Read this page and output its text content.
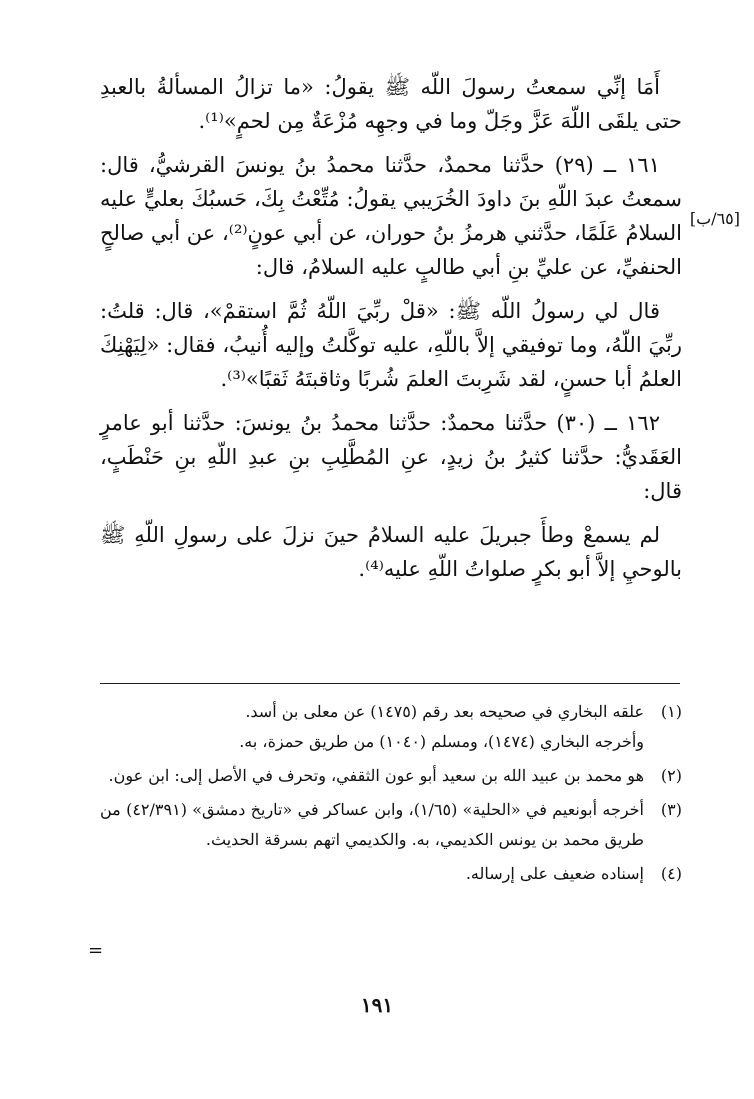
أَمَا إنِّي سمعتُ رسولَ اللّه ﷺ يقولُ: «ما تزالُ المسألةُ بالعبدِ حتى يلقَى اللّهَ عَزَّ وجَلّ وما في وجهِه مُزْعَةٌ مِن لحمٍ»⁽¹⁾.

١٦١ ــ (٢٩) حدَّثنا محمدٌ، حدَّثنا محمدُ بنُ يونسَ القرشيُّ، قال: سمعتُ عبدَ اللّهِ بنَ داودَ الخُرَيبي يقولُ: مُتِّعْتُ بِكَ، حَسبُكَ بعليٍّ عليه السلامُ عَلَمًا، حدَّثني هرمزُ بنُ حوران، عن أبي عونٍ⁽²⁾، عن أبي صالحٍ الحنفيِّ، عن عليِّ بنِ أبي طالبٍ عليه السلامُ، قال:

قال لي رسولُ اللّه ﷺ: «قلْ ربِّيَ اللّهُ ثُمَّ استقمْ»، قال: قلتُ: ربِّيَ اللّهُ، وما توفيقي إلاَّ باللّهِ، عليه توكَّلتُ وإليه أُنيبُ، فقال: «لِيَهْنِكَ العلمُ أبا حسنٍ، لقد شَرِبتَ العلمَ شُربًا وثاقبتَهُ ثَقبًا»⁽³⁾.

١٦٢ ــ (٣٠) حدَّثنا محمدٌ: حدَّثنا محمدُ بنُ يونسَ: حدَّثنا أبو عامرٍ العَقَديُّ: حدَّثنا كثيرُ بنُ زيدٍ، عنِ المُطَّلِبِ بنِ عبدِ اللّهِ بنِ حَنْطَبٍ، قال:

لم يسمعْ وطأَ جبريلَ عليه السلامُ حينَ نزلَ على رسولِ اللّهِ ﷺ بالوحيِ إلاَّ أبو بكرٍ صلواتُ اللّهِ عليه⁽⁴⁾.

[٦٥/ب]
(١)
علقه البخاري في صحيحه بعد رقم (١٤٧٥) عن معلى بن أسد.
وأخرجه البخاري (١٤٧٤)، ومسلم (١٠٤٠) من طريق حمزة، به.
(٢)
هو محمد بن عبيد الله بن سعيد أبو عون الثقفي، وتحرف في الأصل إلى: ابن عون.
(٣)
أخرجه أبونعيم في «الحلية» (١/٦٥)، وابن عساكر في «تاريخ دمشق» (٤٢/٣٩١) من طريق محمد بن يونس الكديمي، به. والكديمي اتهم بسرقة الحديث.
(٤)
إسناده ضعيف على إرساله.
=
١٩١
